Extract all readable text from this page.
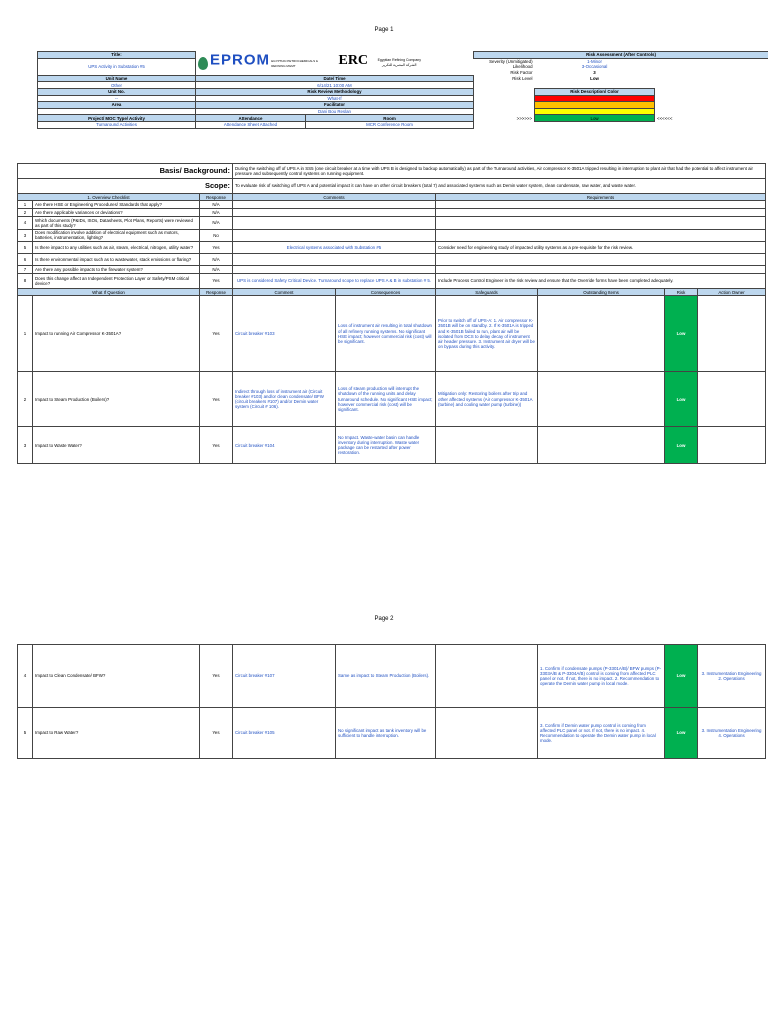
Page 1
Title:	EPROM EGYPTIAN PETROCHEMICALS & REFINING MGMT ERC Egyptian Refining Company
الشركة المصرية للتكرير		Risk Assessment (After Controls)			
UPS Activity in Substation #5			Severity (Unmitigated)	1-Minor		
			Likelihood	3-Occasional		
			Risk Factor	3		
Unit Name	Date/ Time		Risk Level	Low		
Other	6/14/21 10:00 AM					
Unit No.	Risk Review Methodology			Risk Description/ Color		
--	What-If					
Area	Facilitator					
	Dani Bou Reslan					
Project/ MOC Type/ Activity	Attendance	Room	>>>>>>	Low	<<<<<<	
Turnaround Activities	Attendance Sheet Attached	MCR Conference Room				
Basis/ Background:			During the switching off of UPS A in SS5 (one circuit breaker at a time with UPS B is designed to backup automatically) as part of the Turnaround activities, Air compressor K-3501A tripped resulting in interruption to plant air that had the potential to affect instrument air pressure and subsequently control systems on running equipment.					
Scope:			To evaluate risk of switching off UPS A and potential impact it can have on other circuit breakers (total 7) and associated systems such as Demin water system, clean condensate, raw water, and waste water.					
1. Overview Checklist		Response	Comments		Requirements			
1	Are there HSE or Engineering Procedures/ Standards that apply?	N/A						
2	Are there applicable variances or deviations?	N/A						
4	Which documents (P&IDs, ISOs, Datasheets, Plot Plans, Reports) were reviewed as part of this study?	N/A						
3	Does modification involve addition of electrical equipment such as motors, batteries, instrumentation, lighting?	No						
5	Is there impact to any utilities such as air, steam, electrical, nitrogen, utility water?	Yes	Electrical systems associated with Substation #5		Consider need for engineering study of impacted utility systems as a pre-requisite for the risk review.			
6	Is there environmental impact such as to wastewater, stack emissions or flaring?	N/A						
7	Are there any possible impacts to the firewater system?	N/A						
8	Does this change affect an Independent Protection Layer or Safety/PSM critical device?	Yes	UPS is considered Safety Critical Device. Turnaround scope to replace UPS A & B in substation # 5.		Include Process Control Engineer in the risk review and ensure that the Override forms have been completed adequately.			
What If Question		Response	Comment	Consequences	Safeguards	Outstanding Items	Risk	Action Owner
1	Impact to running Air Compressor K-3501A?	Yes	Circuit breaker #103	Loss of instrument air resulting in total shutdown of all refinery running systems. No significant HSE impact; however commercial risk (cost) will be significant.	Prior to switch off of UPS-A: 1. Air compressor K-3501B will be on standby. 2. If K-3501A is tripped and K-3501B failed to run, plant air will be isolated from DCS to delay decay of instrument air header pressure. 3. Instrument air dryer will be on bypass during this activity.		Low	
2	Impact to Steam Production (Boilers)?	Yes	Indirect through loss of instrument air (Circuit breaker #103) and/or clean condensate/ BFW (circuit breakers #107) and/or Demin water system (Circuit # 106).	Loss of steam production will interrupt the shutdown of the running units and delay turnaround schedule. No significant HSE impact; however commercial risk (cost) will be significant.	Mitigation only: Restoring boilers after trip and other affected systems (Air compressor K-3501A (turbine) and cooling water pump (turbine))		Low	
3	Impact to Waste Water?	Yes	Circuit breaker #104	No Impact. Waste-water basin can handle inventory during interruption. Waste water package can be restarted after power restoration.			Low	
Page 2
4	Impact to Clean Condensate/ BFW?	Yes	Circuit breaker #107	Same as impact to Steam Production (Boilers).		1. Confirm if condensate pumps (P-3301A/B)/ BFW pumps (P-3303A/B & P-3304A/B) control is coming from affected PLC panel or not. If not, there is no impact. 2. Recommendation to operate the Demin water pump in local mode.	Low	3. Instrumentation Engineering 2. Operations
5	Impact to Raw Water?	Yes	Circuit breaker #105	No significant impact as tank inventory will be sufficient to handle interruption.		3. Confirm if Demin water pump control is coming from affected PLC panel or not. If not, there is no impact. 4. Recommendation to operate the Demin water pump in local mode.	Low	3. Instrumentation Engineering 4. Operations
